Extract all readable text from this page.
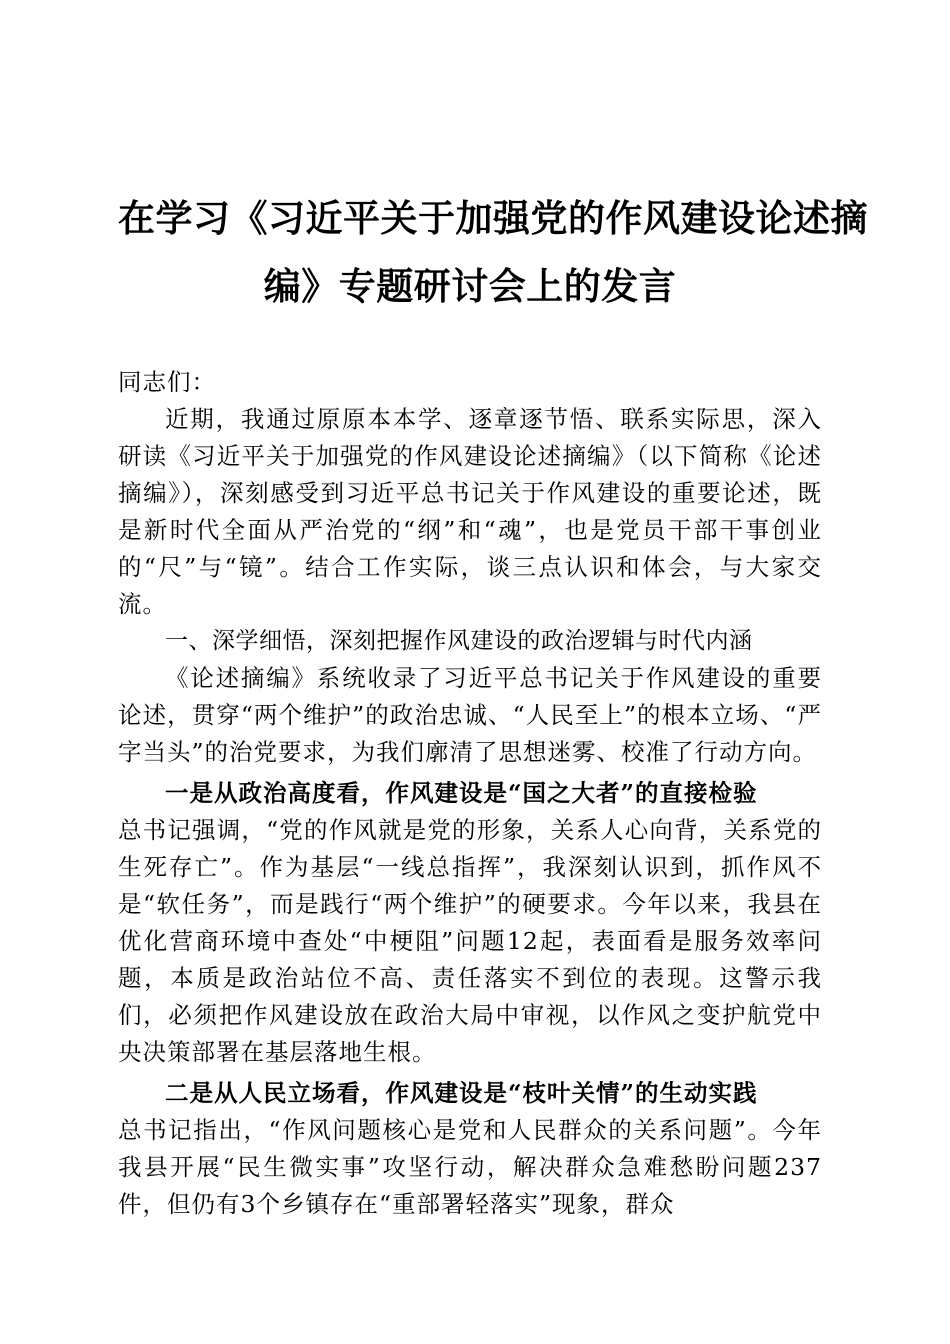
在学习《习近平关于加强党的作风建设论述摘
编》专题研讨会上的发言

同志们：

近期，我通过原原本本学、逐章逐节悟、联系实际思，深入研读《习近平关于加强党的作风建设论述摘编》（以下简称《论述摘编》），深刻感受到习近平总书记关于作风建设的重要论述，既是新时代全面从严治党的“纲”和“魂”，也是党员干部干事创业的“尺”与“镜”。结合工作实际，谈三点认识和体会，与大家交流。

一、深学细悟，深刻把握作风建设的政治逻辑与时代内涵

《论述摘编》系统收录了习近平总书记关于作风建设的重要论述，贯穿“两个维护”的政治忠诚、“人民至上”的根本立场、“严字当头”的治党要求，为我们廓清了思想迷雾、校准了行动方向。

一是从政治高度看，作风建设是“国之大者”的直接检验

总书记强调，“党的作风就是党的形象，关系人心向背，关系党的生死存亡”。作为基层“一线总指挥”，我深刻认识到，抓作风不是“软任务”，而是践行“两个维护”的硬要求。今年以来，我县在优化营商环境中查处“中梗阻”问题12起，表面看是服务效率问题，本质是政治站位不高、责任落实不到位的表现。这警示我们，必须把作风建设放在政治大局中审视，以作风之变护航党中央决策部署在基层落地生根。

二是从人民立场看，作风建设是“枝叶关情”的生动实践

总书记指出，“作风问题核心是党和人民群众的关系问题”。今年我县开展“民生微实事”攻坚行动，解决群众急难愁盼问题237件，但仍有3个乡镇存在“重部署轻落实”现象，群众
